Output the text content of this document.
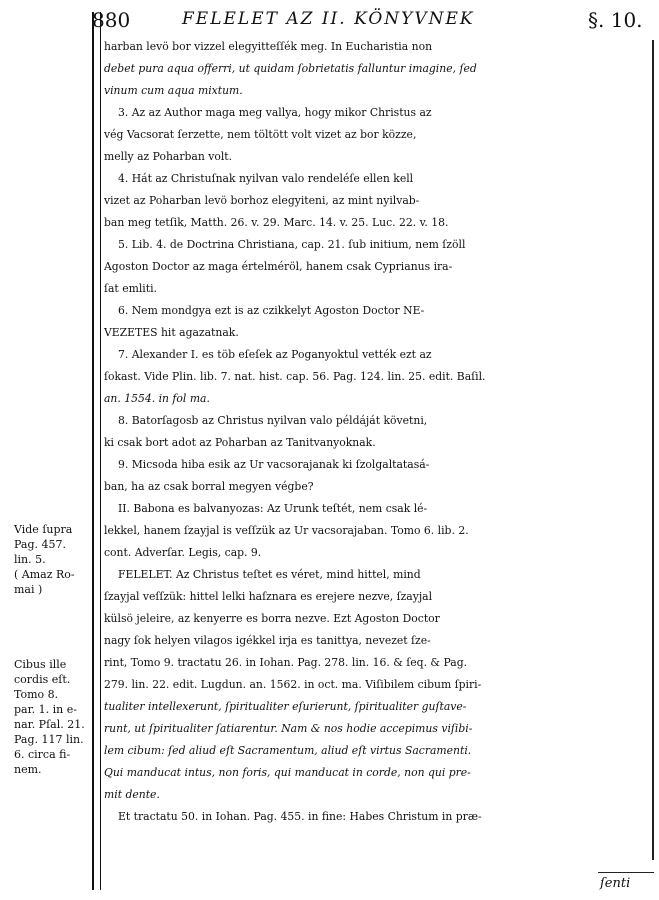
880	FELELET AZ II. KÖNYVNEK	§. 10.
harban levö bor vizzel elegyitteſſék meg. In Eucharistia non
debet pura aqua offerri, ut quidam ſobrietatis falluntur imagine, ſed
vinum cum aqua mixtum.
3. Az az Author maga meg vallya, hogy mikor Christus az
vég Vacsorat ſerzette, nem töltött volt vizet az bor közze,
melly az Poharban volt.
4. Hát az Christuſnak nyilvan valo rendeléſe ellen kell
vizet az Poharban levö borhoz elegyiteni, az mint nyilvab-
ban meg tetſik, Matth. 26. v. 29. Marc. 14. v. 25. Luc. 22. v. 18.
5. Lib. 4. de Doctrina Christiana, cap. 21. ſub initium, nem ſzöll
Agoston Doctor az maga értelméröl, hanem csak Cyprianus ira-
ſat emliti.
6. Nem mondgya ezt is az czikkelyt Agoston Doctor NE-
VEZETES hit agazatnak.
7. Alexander I. es töb eſeſek az Poganyoktul vették ezt az
ſokast. Vide Plin. lib. 7. nat. hist. cap. 56. Pag. 124. lin. 25. edit. Baſil.
an. 1554. in fol ma.
8. Batorſagosb az Christus nyilvan valo példáját követni,
ki csak bort adot az Poharban az Tanitvanyoknak.
9. Micsoda hiba esik az Ur vacsorajanak ki ſzolgaltatasá-
ban, ha az csak borral megyen végbe?
II. Babona es balvanyozas: Az Urunk teſtét, nem csak lé-
lekkel, hanem ſzayjal is veſſzük az Ur vacsorajaban. Tomo 6. lib. 2.
cont. Adverſar. Legis, cap. 9.
FELELET. Az Christus teſtet es véret, mind hittel, mind
ſzayjal veſſzük: hittel lelki haſznara es erejere nezve, ſzayjal
külsö jeleire, az kenyerre es borra nezve. Ezt Agoston Doctor
nagy ſok helyen vilagos igékkel irja es tanittya, nevezet ſze-
rint, Tomo 9. tractatu 26. in Iohan. Pag. 278. lin. 16. & ſeq. & Pag.
279. lin. 22. edit. Lugdun. an. 1562. in oct. ma. Viſibilem cibum ſpiri-
tualiter intellexerunt, ſpiritualiter eſurierunt, ſpiritualiter guſtave-
runt, ut ſpiritualiter ſatiarentur. Nam & nos hodie accepimus viſibi-
lem cibum: ſed aliud eſt Sacramentum, aliud eſt virtus Sacramenti.
Qui manducat intus, non foris, qui manducat in corde, non qui pre-
mit dente.
Et tractatu 50. in Iohan. Pag. 455. in fine: Habes Christum in præ-
Vide ſupra
Pag. 457.
lin. 5.
( Amaz Ro-
mai )
Cibus ille
cordis eſt.
Tomo 8.
par. 1. in e-
nar. Pſal. 21.
Pag. 117 lin.
6. circa fi-
nem.
ſenti
